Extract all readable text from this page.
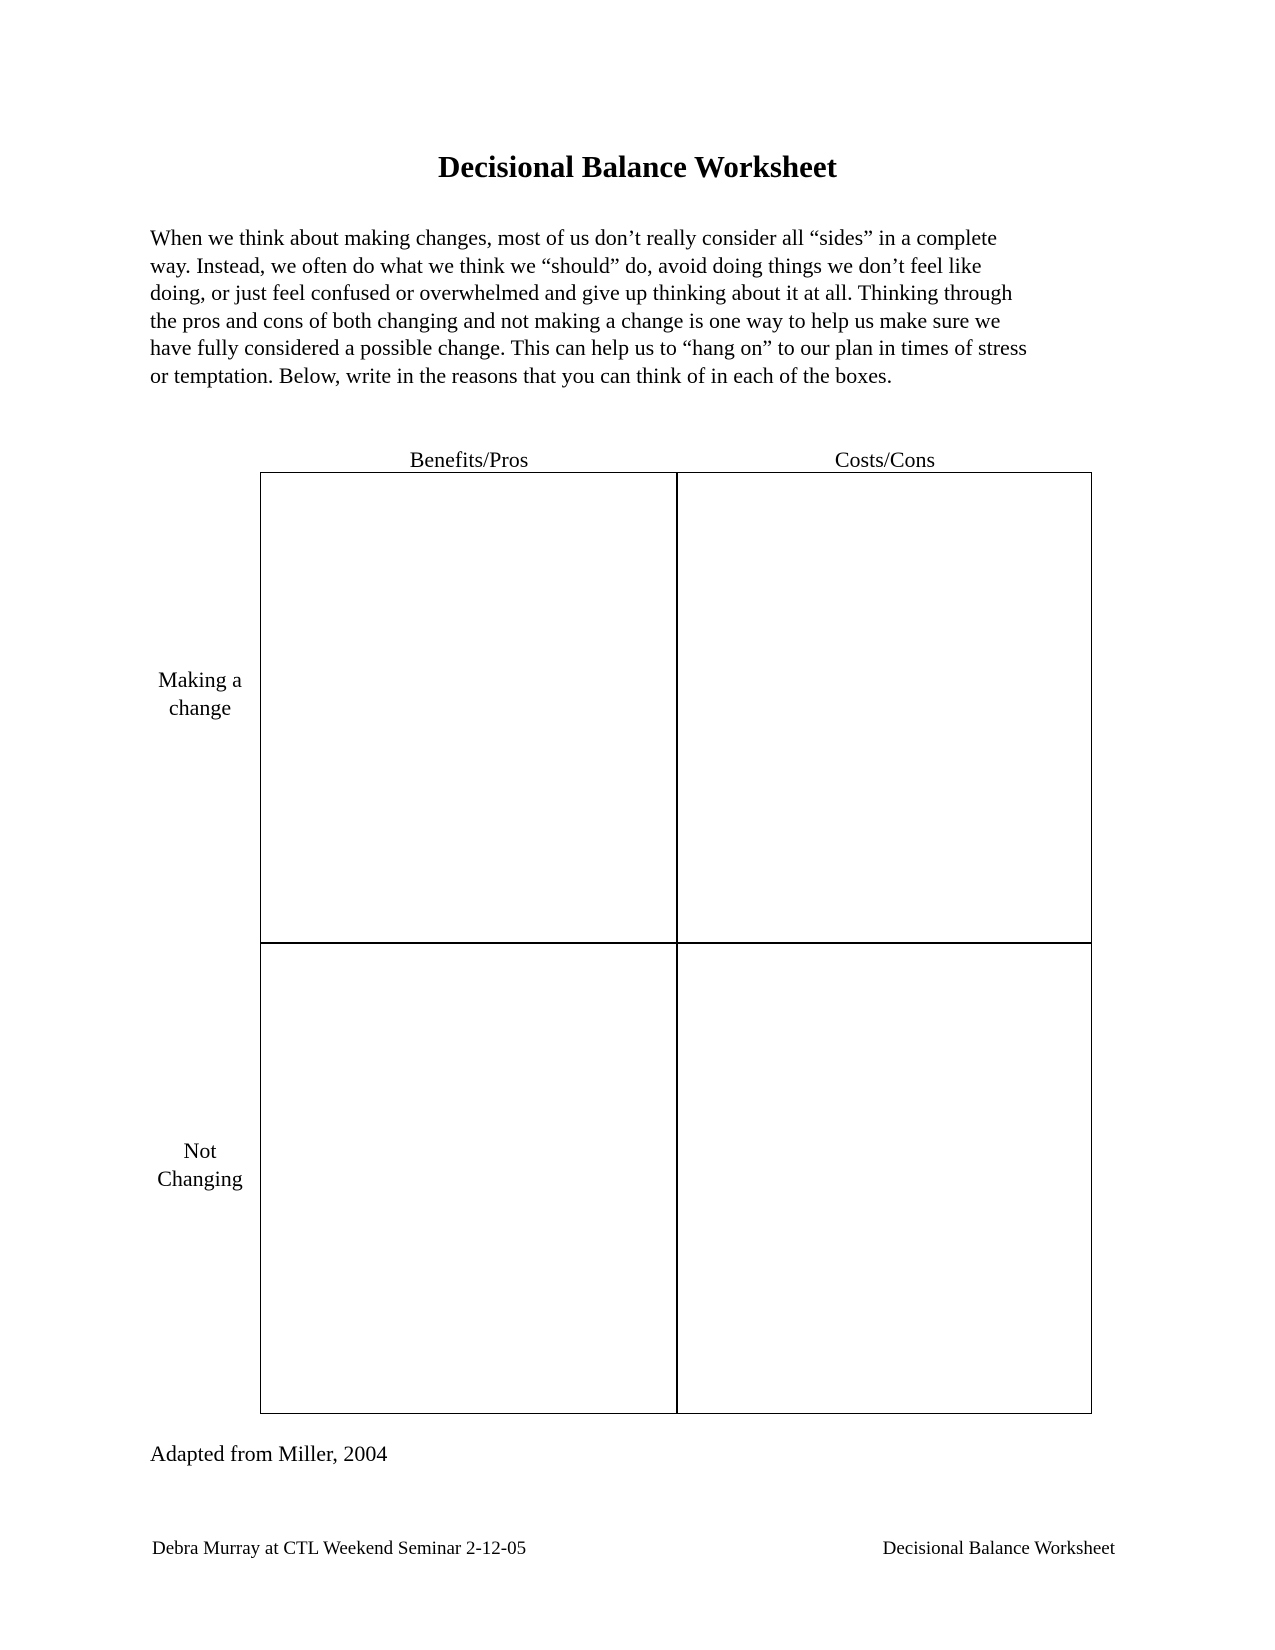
Decisional Balance Worksheet
When we think about making changes, most of us don’t really consider all “sides” in a complete
way. Instead, we often do what we think we “should” do, avoid doing things we don’t feel like
doing, or just feel confused or overwhelmed and give up thinking about it at all. Thinking through
the pros and cons of both changing and not making a change is one way to help us make sure we
have fully considered a possible change. This can help us to “hang on” to our plan in times of stress
or temptation. Below, write in the reasons that you can think of in each of the boxes.
Benefits/Pros	Costs/Cons
Making a
change
Not
Changing
Adapted from Miller, 2004
Debra Murray at CTL Weekend Seminar 2-12-05	Decisional Balance Worksheet
